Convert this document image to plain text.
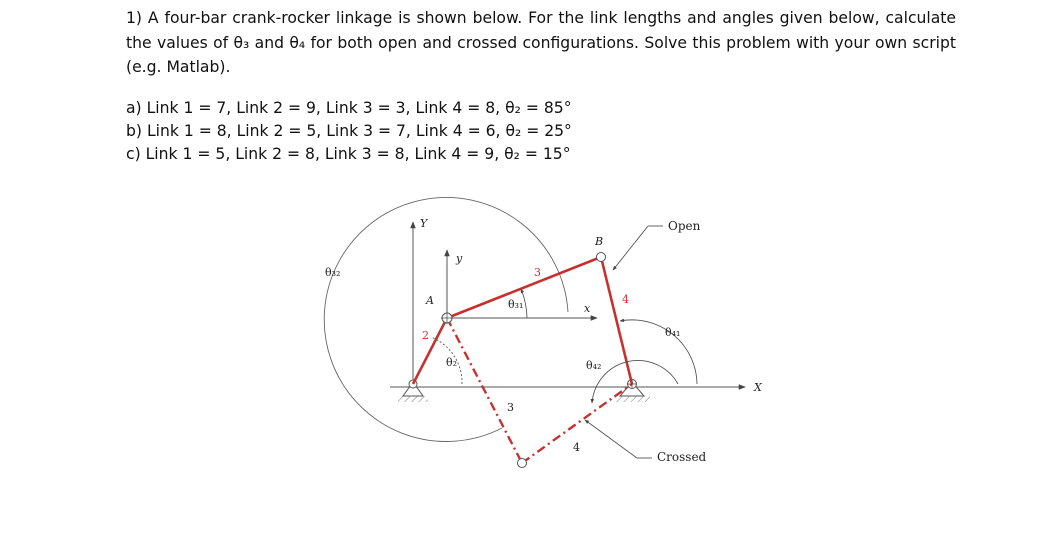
1) A four-bar crank-rocker linkage is shown below. For the link lengths and angles given below, calculate the values of θ₃ and θ₄ for both open and crossed configurations. Solve this problem with your own script (e.g. Matlab).

a) Link 1 = 7, Link 2 = 9, Link 3 = 3, Link 4 = 8, θ₂ = 85°
b) Link 1 = 8, Link 2 = 5, Link 3 = 7, Link 4 = 6, θ₂ = 25°
c) Link 1 = 5, Link 2 = 8, Link 3 = 8, Link 4 = 9, θ₂ = 15°
Y
y
x
X
A
B
Open
Crossed
2
3
4
3
4
θ₂
θ₃₁
θ₃₂
θ₄₁
θ₄₂
